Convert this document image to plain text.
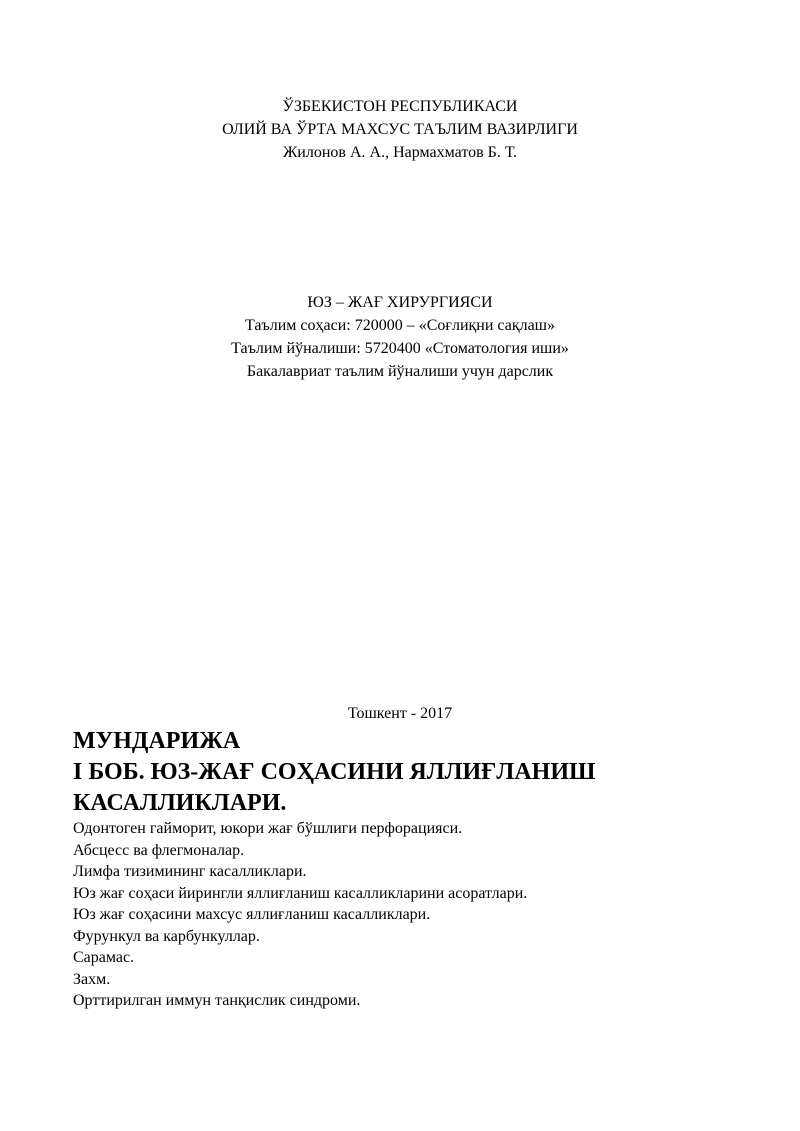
ЎЗБЕКИСТОН РЕСПУБЛИКАСИ
ОЛИЙ ВА ЎРТА МАХСУС ТАЪЛИМ ВАЗИРЛИГИ
Жилонов А. А., Нармахматов Б. Т.
ЮЗ – ЖАҒ ХИРУРГИЯСИ
Таълим соҳаси: 720000 – «Соғлиқни сақлаш»
Таълим йўналиши: 5720400 «Стоматология иши»
Бакалавриат таълим йўналиши учун дарслик
Тошкент - 2017
МУНДАРИЖА
I БОБ. ЮЗ-ЖАҒ СОҲАСИНИ ЯЛЛИҒЛАНИШ
КАСАЛЛИКЛАРИ.
Одонтоген гайморит, юкори жағ бўшлиги перфорацияси.
Абсцесс ва флегмоналар.
Лимфа тизимининг касалликлари.
Юз жағ соҳаси йирингли яллиғланиш касалликларини асоратлари.
Юз жағ соҳасини махсус яллиғланиш касалликлари.
Фурункул ва карбункуллар.
Сарамас.
Захм.
Орттирилган иммун танқислик синдроми.
